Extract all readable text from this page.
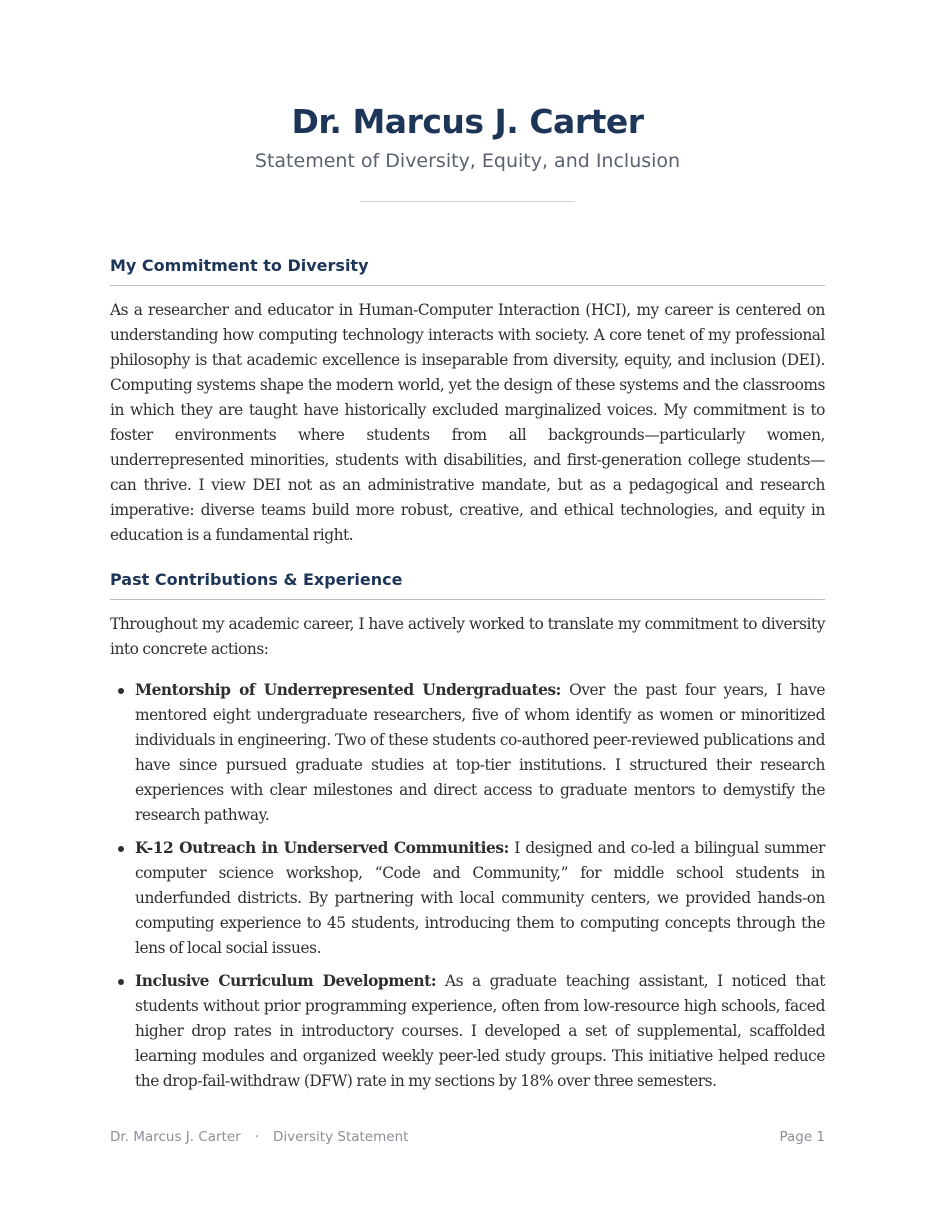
Dr. Marcus J. Carter
Statement of Diversity, Equity, and Inclusion
My Commitment to Diversity

As a researcher and educator in Human-Computer Interaction (HCI), my career is centered on understanding how computing technology interacts with society. A core tenet of my professional philosophy is that academic excellence is inseparable from diversity, equity, and inclusion (DEI). Computing systems shape the modern world, yet the design of these systems and the classrooms in which they are taught have historically excluded marginalized voices. My commitment is to foster environments where students from all backgrounds—particularly women, underrepresented minorities, students with disabilities, and first-generation college students—can thrive. I view DEI not as an administrative mandate, but as a pedagogical and research imperative: diverse teams build more robust, creative, and ethical technologies, and equity in education is a fundamental right.

Past Contributions & Experience

Throughout my academic career, I have actively worked to translate my commitment to diversity into concrete actions:

Mentorship of Underrepresented Undergraduates: Over the past four years, I have mentored eight undergraduate researchers, five of whom identify as women or minoritized individuals in engineering. Two of these students co-authored peer-reviewed publications and have since pursued graduate studies at top-tier institutions. I structured their research experiences with clear milestones and direct access to graduate mentors to demystify the research pathway.
K-12 Outreach in Underserved Communities: I designed and co-led a bilingual summer computer science workshop, “Code and Community,” for middle school students in underfunded districts. By partnering with local community centers, we provided hands-on computing experience to 45 students, introducing them to computing concepts through the lens of local social issues.
Inclusive Curriculum Development: As a graduate teaching assistant, I noticed that students without prior programming experience, often from low-resource high schools, faced higher drop rates in introductory courses. I developed a set of supplemental, scaffolded learning modules and organized weekly peer-led study groups. This initiative helped reduce the drop-fail-withdraw (DFW) rate in my sections by 18% over three semesters.
Dr. Marcus J. Carter · Diversity Statement	Page 1
